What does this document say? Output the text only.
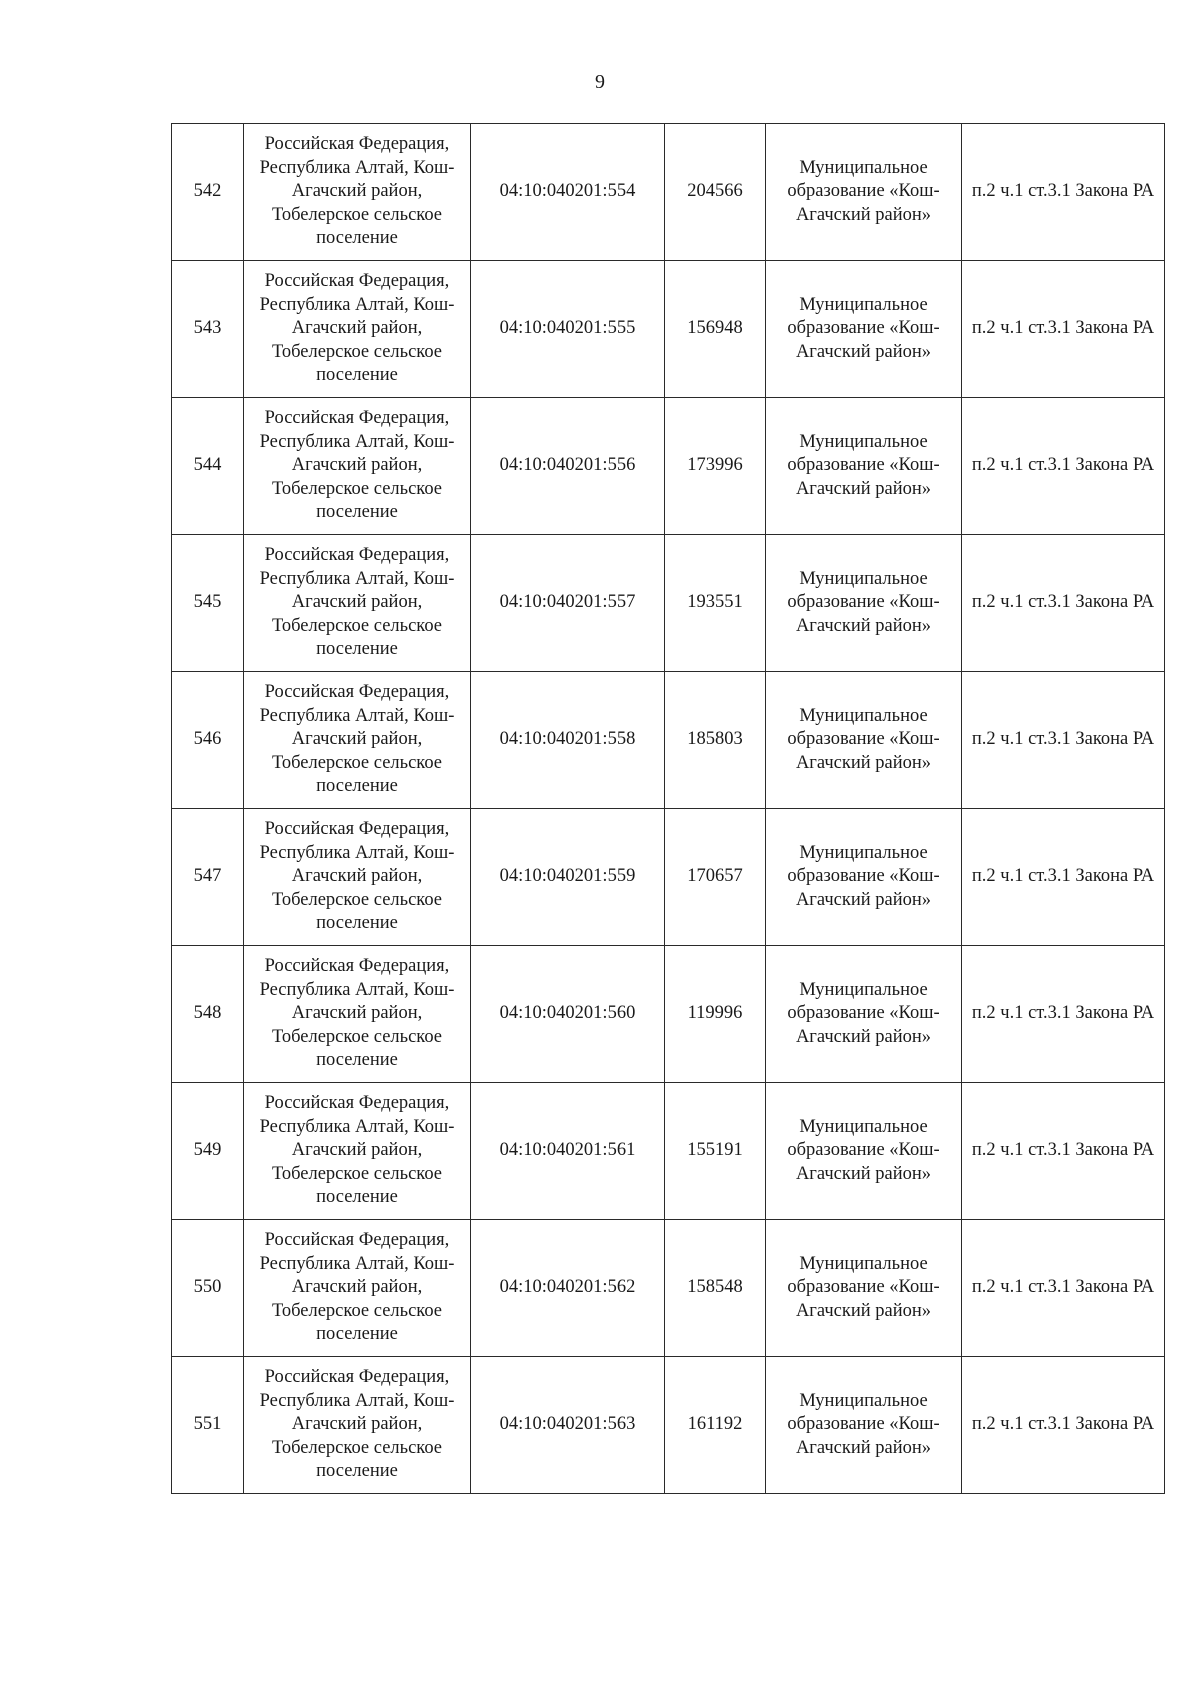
9
542	Российская Федерация, Республика Алтай, Кош-Агачский район, Тобелерское сельское поселение	04:10:040201:554	204566	Муниципальное образование «Кош-Агачский район»	п.2 ч.1 ст.3.1 Закона РА
543	Российская Федерация, Республика Алтай, Кош-Агачский район, Тобелерское сельское поселение	04:10:040201:555	156948	Муниципальное образование «Кош-Агачский район»	п.2 ч.1 ст.3.1 Закона РА
544	Российская Федерация, Республика Алтай, Кош-Агачский район, Тобелерское сельское поселение	04:10:040201:556	173996	Муниципальное образование «Кош-Агачский район»	п.2 ч.1 ст.3.1 Закона РА
545	Российская Федерация, Республика Алтай, Кош-Агачский район, Тобелерское сельское поселение	04:10:040201:557	193551	Муниципальное образование «Кош-Агачский район»	п.2 ч.1 ст.3.1 Закона РА
546	Российская Федерация, Республика Алтай, Кош-Агачский район, Тобелерское сельское поселение	04:10:040201:558	185803	Муниципальное образование «Кош-Агачский район»	п.2 ч.1 ст.3.1 Закона РА
547	Российская Федерация, Республика Алтай, Кош-Агачский район, Тобелерское сельское поселение	04:10:040201:559	170657	Муниципальное образование «Кош-Агачский район»	п.2 ч.1 ст.3.1 Закона РА
548	Российская Федерация, Республика Алтай, Кош-Агачский район, Тобелерское сельское поселение	04:10:040201:560	119996	Муниципальное образование «Кош-Агачский район»	п.2 ч.1 ст.3.1 Закона РА
549	Российская Федерация, Республика Алтай, Кош-Агачский район, Тобелерское сельское поселение	04:10:040201:561	155191	Муниципальное образование «Кош-Агачский район»	п.2 ч.1 ст.3.1 Закона РА
550	Российская Федерация, Республика Алтай, Кош-Агачский район, Тобелерское сельское поселение	04:10:040201:562	158548	Муниципальное образование «Кош-Агачский район»	п.2 ч.1 ст.3.1 Закона РА
551	Российская Федерация, Республика Алтай, Кош-Агачский район, Тобелерское сельское поселение	04:10:040201:563	161192	Муниципальное образование «Кош-Агачский район»	п.2 ч.1 ст.3.1 Закона РА
